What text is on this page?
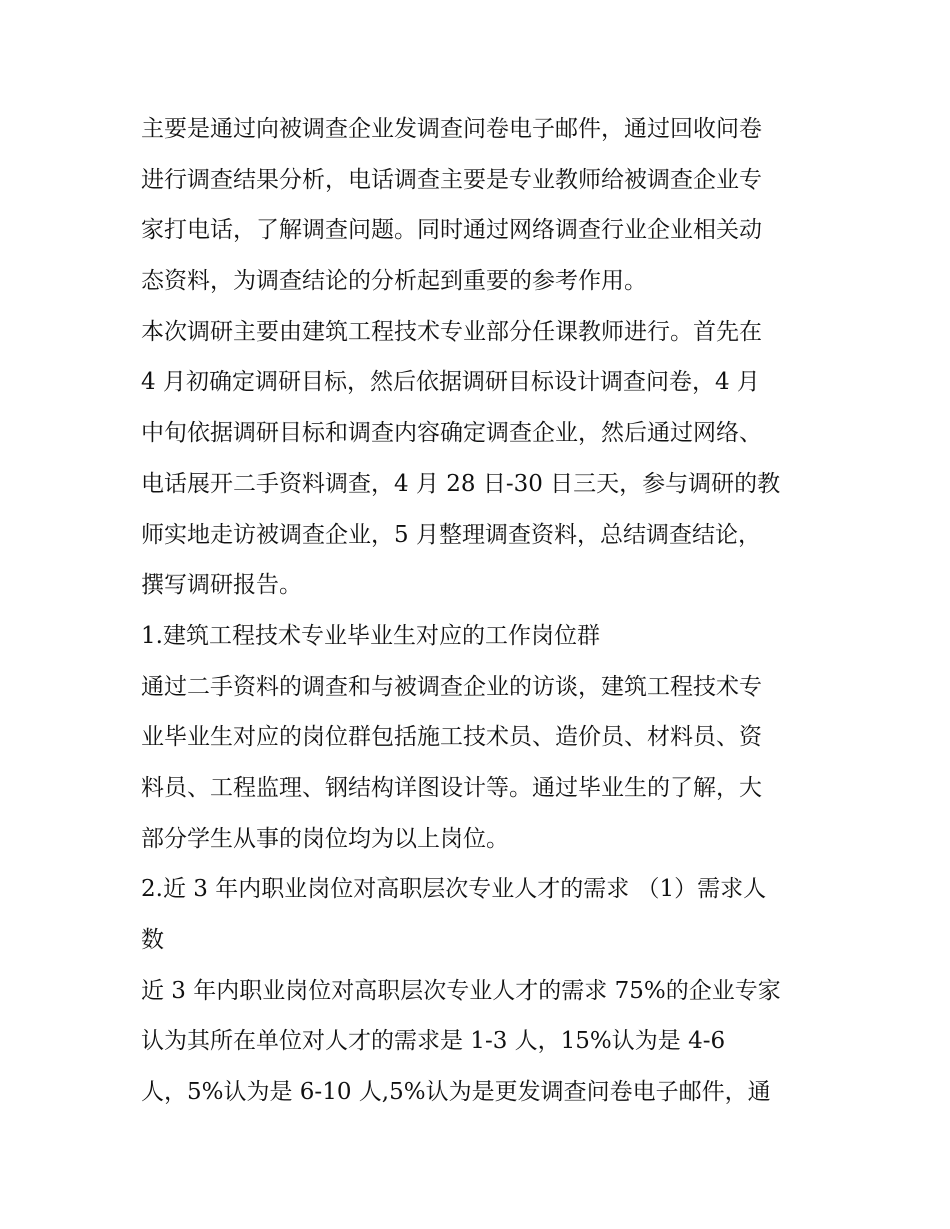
主要是通过向被调查企业发调查问卷电子邮件，通过回收问卷
进行调查结果分析，电话调查主要是专业教师给被调查企业专
家打电话，了解调查问题。同时通过网络调查行业企业相关动
态资料，为调查结论的分析起到重要的参考作用。
本次调研主要由建筑工程技术专业部分任课教师进行。首先在
4 月初确定调研目标，然后依据调研目标设计调查问卷，4 月
中旬依据调研目标和调查内容确定调查企业，然后通过网络、
电话展开二手资料调查，4 月 28 日-30 日三天，参与调研的教
师实地走访被调查企业，5 月整理调查资料，总结调查结论，
撰写调研报告。
1.建筑工程技术专业毕业生对应的工作岗位群
通过二手资料的调查和与被调查企业的访谈，建筑工程技术专
业毕业生对应的岗位群包括施工技术员、造价员、材料员、资
料员、工程监理、钢结构详图设计等。通过毕业生的了解，大
部分学生从事的岗位均为以上岗位。
2.近 3 年内职业岗位对高职层次专业人才的需求 （1）需求人
数
近 3 年内职业岗位对高职层次专业人才的需求 75%的企业专家
认为其所在单位对人才的需求是 1-3 人，15%认为是 4-6
人，5%认为是 6-10 人,5%认为是更发调查问卷电子邮件，通
